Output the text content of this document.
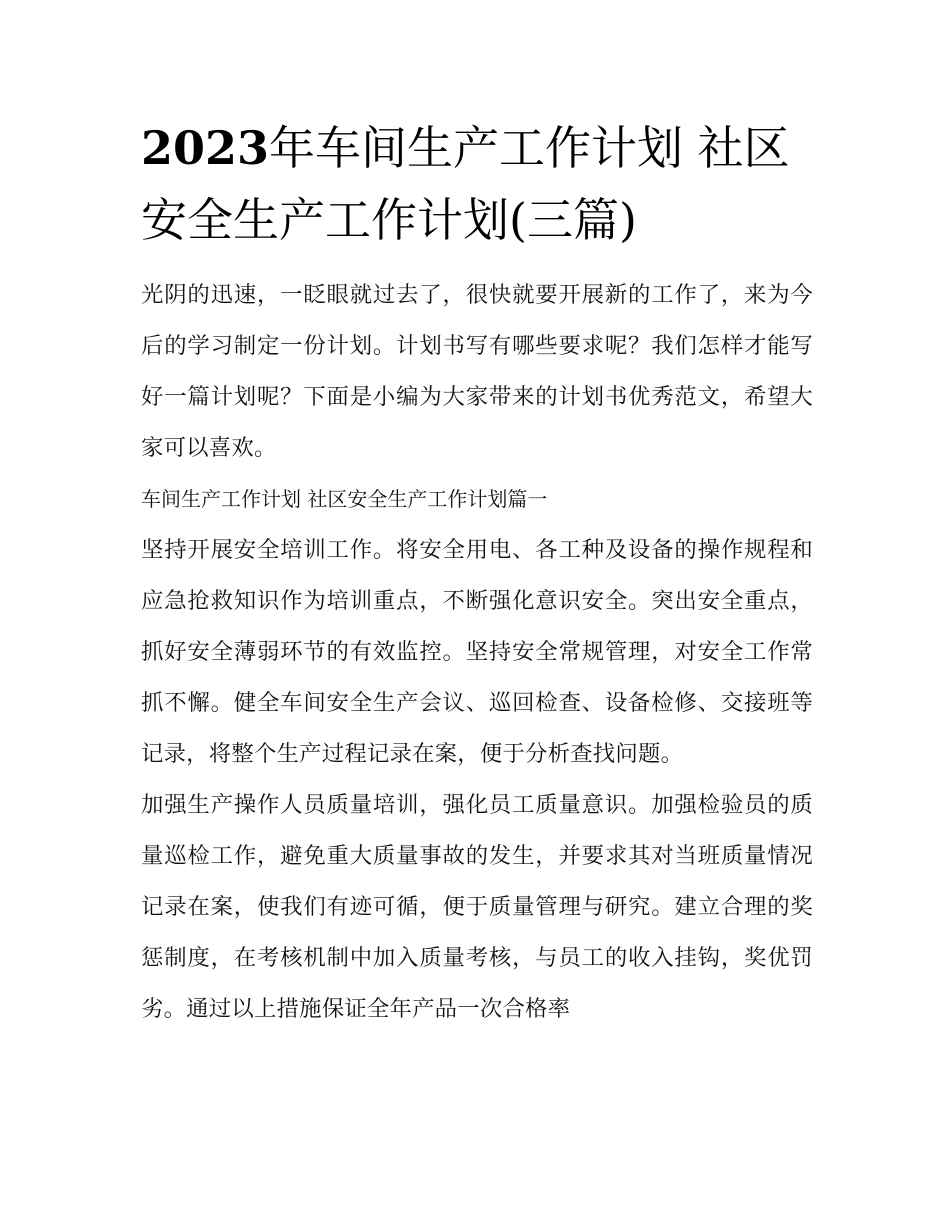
2023年车间生产工作计划 社区安全生产工作计划(三篇)

光阴的迅速，一眨眼就过去了，很快就要开展新的工作了，来为今后的学习制定一份计划。计划书写有哪些要求呢？我们怎样才能写好一篇计划呢？下面是小编为大家带来的计划书优秀范文，希望大家可以喜欢。

车间生产工作计划 社区安全生产工作计划篇一

坚持开展安全培训工作。将安全用电、各工种及设备的操作规程和应急抢救知识作为培训重点，不断强化意识安全。突出安全重点，抓好安全薄弱环节的有效监控。坚持安全常规管理，对安全工作常抓不懈。健全车间安全生产会议、巡回检查、设备检修、交接班等记录，将整个生产过程记录在案，便于分析查找问题。

加强生产操作人员质量培训，强化员工质量意识。加强检验员的质量巡检工作，避免重大质量事故的发生，并要求其对当班质量情况记录在案，使我们有迹可循，便于质量管理与研究。建立合理的奖惩制度，在考核机制中加入质量考核，与员工的收入挂钩，奖优罚劣。通过以上措施保证全年产品一次合格率
